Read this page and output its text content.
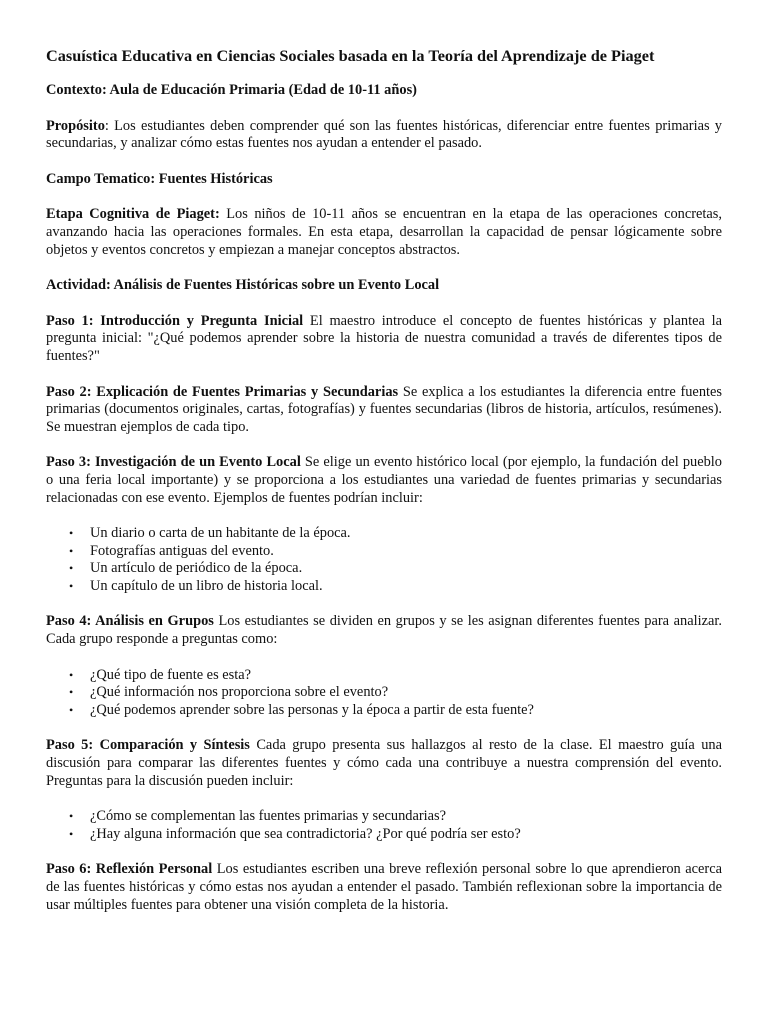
Casuística Educativa en Ciencias Sociales basada en la Teoría del Aprendizaje de Piaget
Contexto: Aula de Educación Primaria (Edad de 10-11 años)

Propósito: Los estudiantes deben comprender qué son las fuentes históricas, diferenciar entre fuentes primarias y secundarias, y analizar cómo estas fuentes nos ayudan a entender el pasado.

Campo Tematico: Fuentes Históricas

Etapa Cognitiva de Piaget: Los niños de 10-11 años se encuentran en la etapa de las operaciones concretas, avanzando hacia las operaciones formales. En esta etapa, desarrollan la capacidad de pensar lógicamente sobre objetos y eventos concretos y empiezan a manejar conceptos abstractos.

Actividad: Análisis de Fuentes Históricas sobre un Evento Local

Paso 1: Introducción y Pregunta Inicial El maestro introduce el concepto de fuentes históricas y plantea la pregunta inicial: "¿Qué podemos aprender sobre la historia de nuestra comunidad a través de diferentes tipos de fuentes?"

Paso 2: Explicación de Fuentes Primarias y Secundarias Se explica a los estudiantes la diferencia entre fuentes primarias (documentos originales, cartas, fotografías) y fuentes secundarias (libros de historia, artículos, resúmenes). Se muestran ejemplos de cada tipo.

Paso 3: Investigación de un Evento Local Se elige un evento histórico local (por ejemplo, la fundación del pueblo o una feria local importante) y se proporciona a los estudiantes una variedad de fuentes primarias y secundarias relacionadas con ese evento. Ejemplos de fuentes podrían incluir:

• Un diario o carta de un habitante de la época.
• Fotografías antiguas del evento.
• Un artículo de periódico de la época.
• Un capítulo de un libro de historia local.

Paso 4: Análisis en Grupos Los estudiantes se dividen en grupos y se les asignan diferentes fuentes para analizar. Cada grupo responde a preguntas como:

• ¿Qué tipo de fuente es esta?
• ¿Qué información nos proporciona sobre el evento?
• ¿Qué podemos aprender sobre las personas y la época a partir de esta fuente?

Paso 5: Comparación y Síntesis Cada grupo presenta sus hallazgos al resto de la clase. El maestro guía una discusión para comparar las diferentes fuentes y cómo cada una contribuye a nuestra comprensión del evento. Preguntas para la discusión pueden incluir:

• ¿Cómo se complementan las fuentes primarias y secundarias?
• ¿Hay alguna información que sea contradictoria? ¿Por qué podría ser esto?

Paso 6: Reflexión Personal Los estudiantes escriben una breve reflexión personal sobre lo que aprendieron acerca de las fuentes históricas y cómo estas nos ayudan a entender el pasado. También reflexionan sobre la importancia de usar múltiples fuentes para obtener una visión completa de la historia.
